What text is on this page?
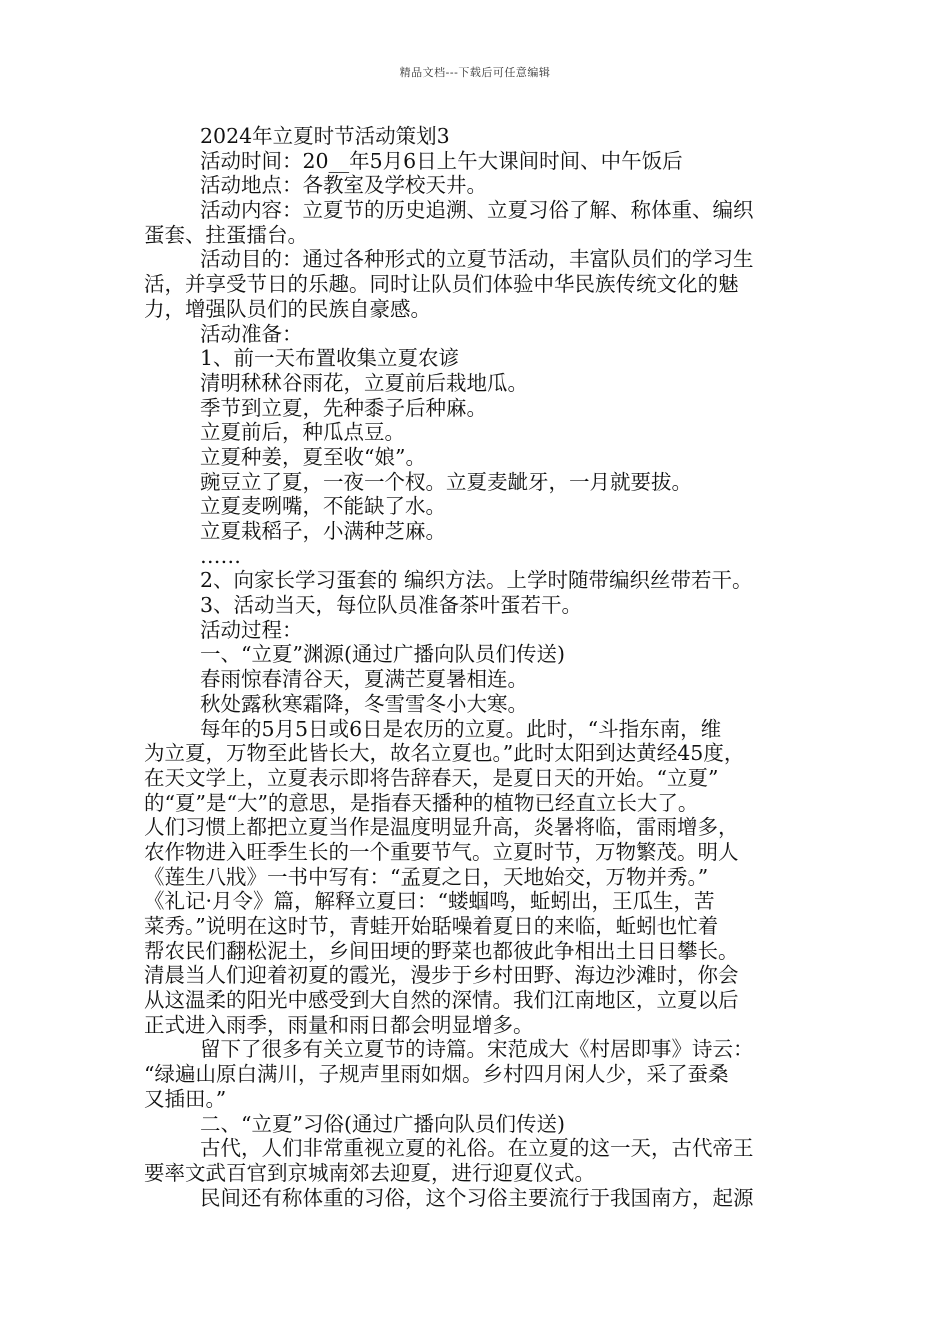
精品文档---下载后可任意编辑
2024年立夏时节活动策划3
活动时间：20__年5月6日上午大课间时间、中午饭后
活动地点：各教室及学校天井。
活动内容：立夏节的历史追溯、立夏习俗了解、称体重、编织
蛋套、拄蛋擂台。
活动目的：通过各种形式的立夏节活动，丰富队员们的学习生
活，并享受节日的乐趣。同时让队员们体验中华民族传统文化的魅
力，增强队员们的民族自豪感。
活动准备：
1、前一天布置收集立夏农谚
清明秫秫谷雨花，立夏前后栽地瓜。
季节到立夏，先种黍子后种麻。
立夏前后，种瓜点豆。
立夏种姜，夏至收“娘”。
豌豆立了夏，一夜一个杈。立夏麦龇牙，一月就要拔。
立夏麦咧嘴，不能缺了水。
立夏栽稻子，小满种芝麻。
……
2、向家长学习蛋套的 编织方法。上学时随带编织丝带若干。
3、活动当天，每位队员准备茶叶蛋若干。
活动过程：
一、“立夏”渊源(通过广播向队员们传送)
春雨惊春清谷天，夏满芒夏暑相连。
秋处露秋寒霜降，冬雪雪冬小大寒。
每年的5月5日或6日是农历的立夏。此时，“斗指东南，维
为立夏，万物至此皆长大，故名立夏也。”此时太阳到达黄经45度，
在天文学上，立夏表示即将告辞春天，是夏日天的开始。“立夏”
的“夏”是“大”的意思，是指春天播种的植物已经直立长大了。
人们习惯上都把立夏当作是温度明显升高，炎暑将临，雷雨增多，
农作物进入旺季生长的一个重要节气。立夏时节，万物繁茂。明人
《莲生八戕》一书中写有：“孟夏之日，天地始交，万物并秀。”
《礼记·月令》篇，解释立夏曰：“蝼蝈鸣，蚯蚓出，王瓜生，苦
菜秀。”说明在这时节，青蛙开始聒噪着夏日的来临，蚯蚓也忙着
帮农民们翻松泥土，乡间田埂的野菜也都彼此争相出土日日攀长。
清晨当人们迎着初夏的霞光，漫步于乡村田野、海边沙滩时，你会
从这温柔的阳光中感受到大自然的深情。我们江南地区，立夏以后
正式进入雨季，雨量和雨日都会明显增多。
留下了很多有关立夏节的诗篇。宋范成大《村居即事》诗云：
“绿遍山原白满川，子规声里雨如烟。乡村四月闲人少，采了蚕桑
又插田。”
二、“立夏”习俗(通过广播向队员们传送)
古代，人们非常重视立夏的礼俗。在立夏的这一天，古代帝王
要率文武百官到京城南郊去迎夏，进行迎夏仪式。
民间还有称体重的习俗，这个习俗主要流行于我国南方，起源
